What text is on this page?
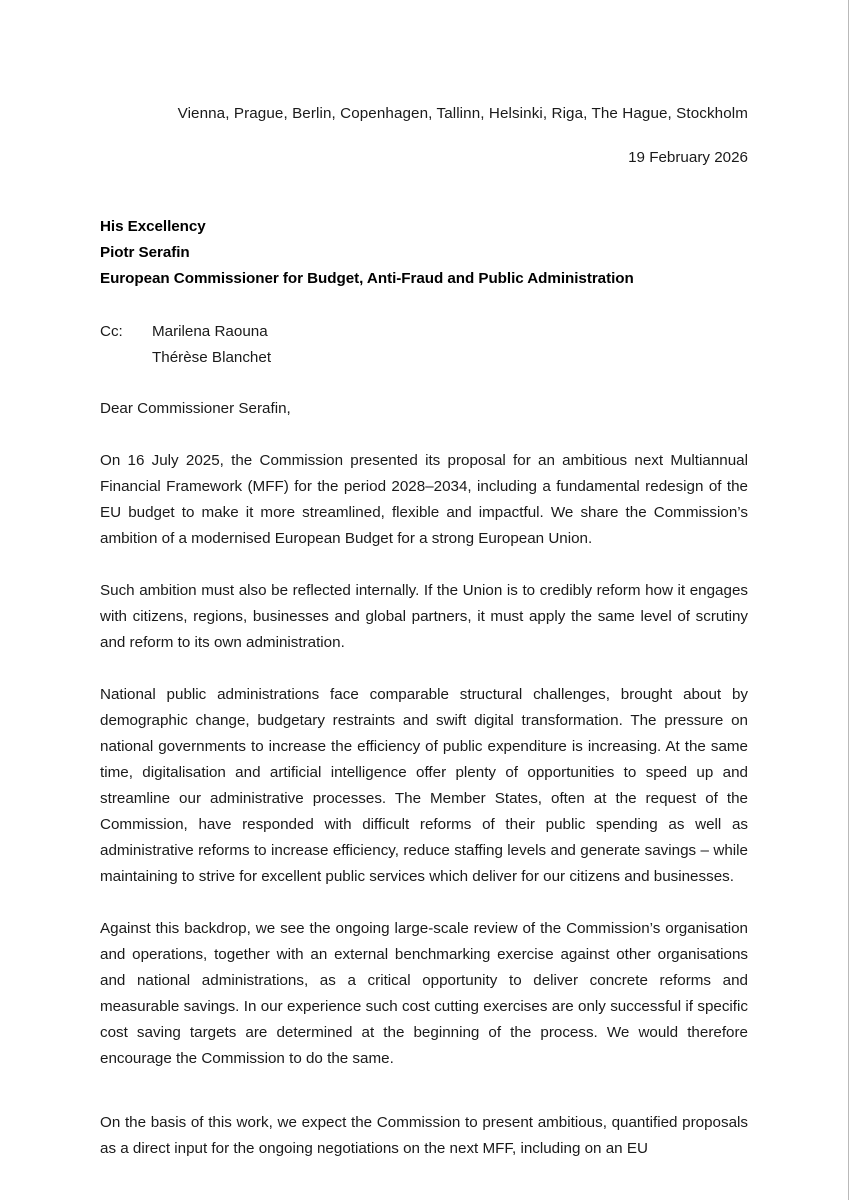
Vienna, Prague, Berlin, Copenhagen, Tallinn, Helsinki, Riga, The Hague, Stockholm
19 February 2026
His Excellency
Piotr Serafin
European Commissioner for Budget, Anti-Fraud and Public Administration
Cc:	Marilena Raouna
Thérèse Blanchet

Dear Commissioner Serafin,

On 16 July 2025, the Commission presented its proposal for an ambitious next Multiannual Financial Framework (MFF) for the period 2028–2034, including a fundamental redesign of the EU budget to make it more streamlined, flexible and impactful. We share the Commission’s ambition of a modernised European Budget for a strong European Union.

Such ambition must also be reflected internally. If the Union is to credibly reform how it engages with citizens, regions, businesses and global partners, it must apply the same level of scrutiny and reform to its own administration.

National public administrations face comparable structural challenges, brought about by demographic change, budgetary restraints and swift digital transformation. The pressure on national governments to increase the efficiency of public expenditure is increasing. At the same time, digitalisation and artificial intelligence offer plenty of opportunities to speed up and streamline our administrative processes. The Member States, often at the request of the Commission, have responded with difficult reforms of their public spending as well as administrative reforms to increase efficiency, reduce staffing levels and generate savings – while maintaining to strive for excellent public services which deliver for our citizens and businesses.

Against this backdrop, we see the ongoing large-scale review of the Commission’s organisation and operations, together with an external benchmarking exercise against other organisations and national administrations, as a critical opportunity to deliver concrete reforms and measurable savings. In our experience such cost cutting exercises are only successful if specific cost saving targets are determined at the beginning of the process. We would therefore encourage the Commission to do the same.

On the basis of this work, we expect the Commission to present ambitious, quantified proposals as a direct input for the ongoing negotiations on the next MFF, including on an EU
